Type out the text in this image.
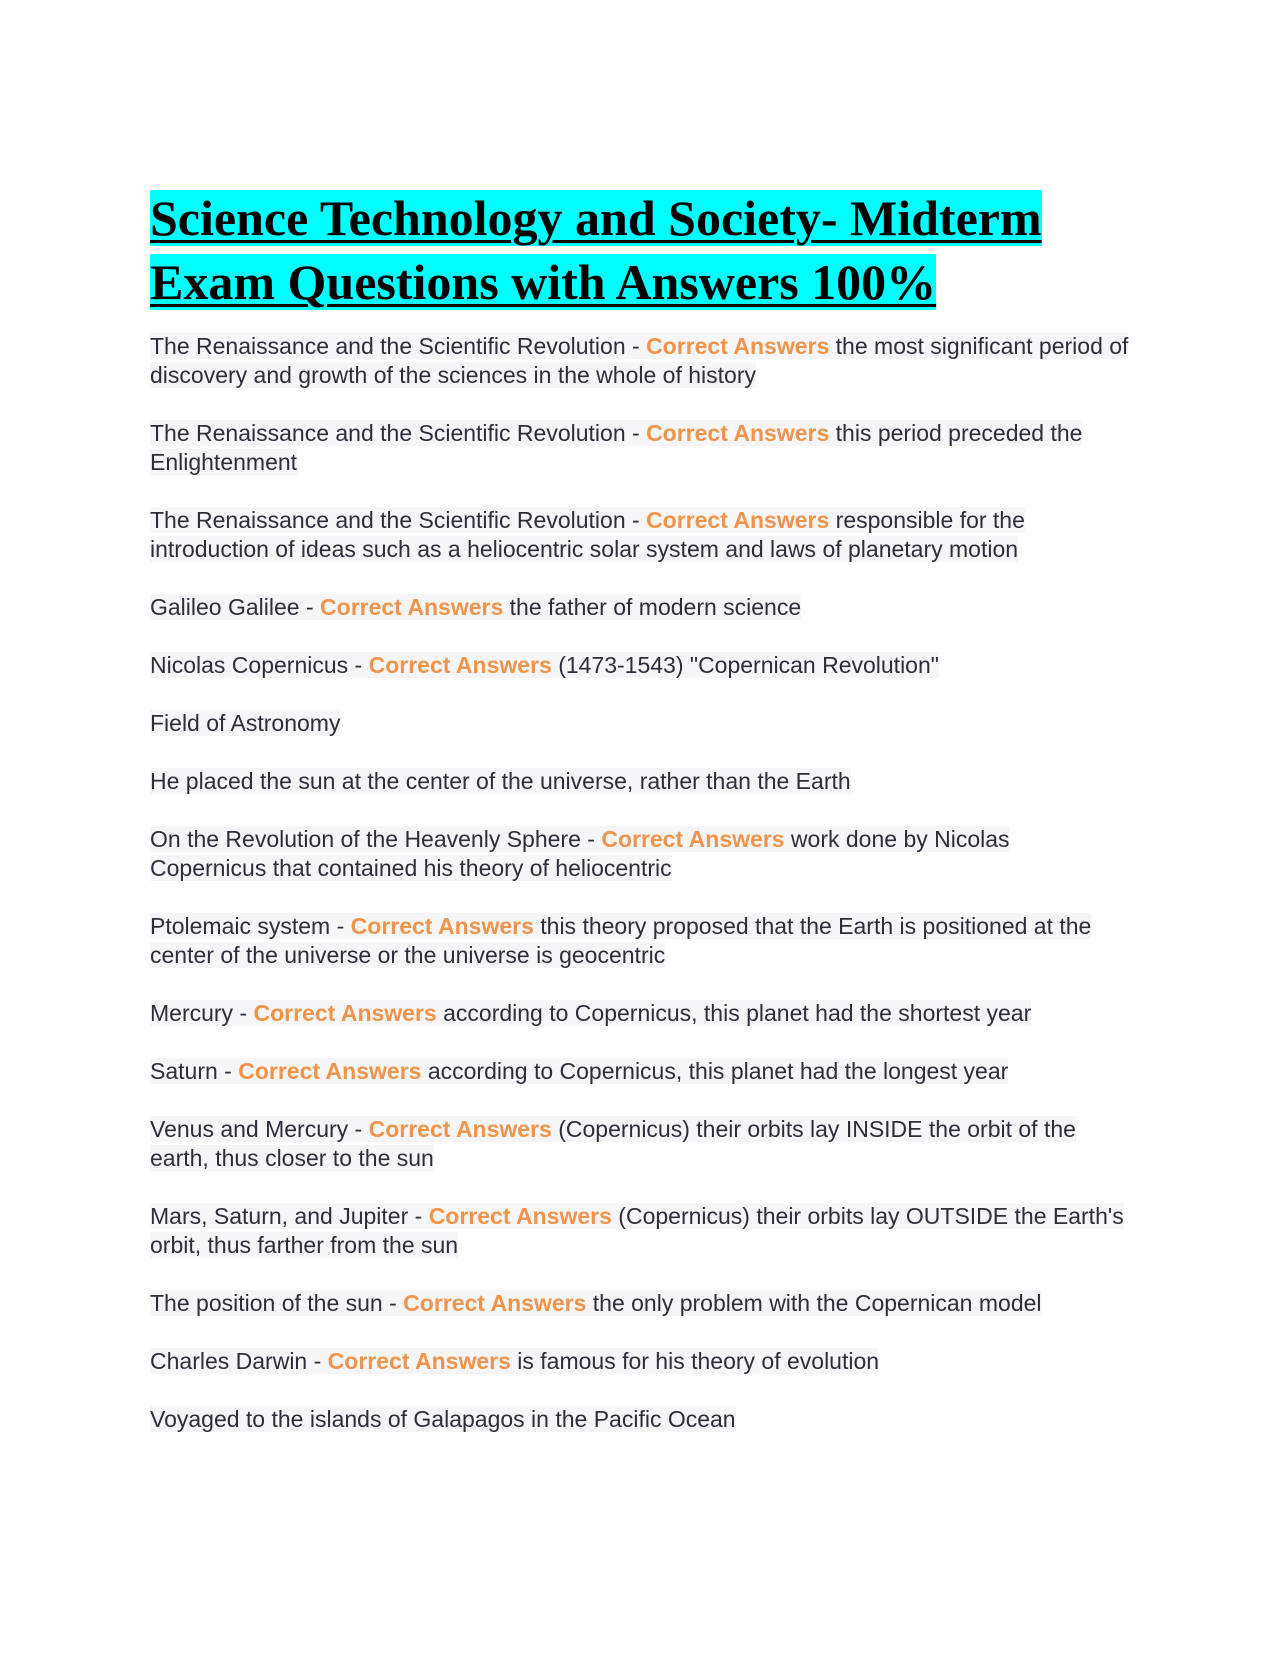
Science Technology and Society- Midterm Exam Questions with Answers 100%

The Renaissance and the Scientific Revolution - Correct Answers the most significant period of discovery and growth of the sciences in the whole of history

The Renaissance and the Scientific Revolution - Correct Answers this period preceded the Enlightenment

The Renaissance and the Scientific Revolution - Correct Answers responsible for the introduction of ideas such as a heliocentric solar system and laws of planetary motion

Galileo Galilee - Correct Answers the father of modern science

Nicolas Copernicus - Correct Answers (1473-1543) "Copernican Revolution"

Field of Astronomy

He placed the sun at the center of the universe, rather than the Earth

On the Revolution of the Heavenly Sphere - Correct Answers work done by Nicolas Copernicus that contained his theory of heliocentric

Ptolemaic system - Correct Answers this theory proposed that the Earth is positioned at the center of the universe or the universe is geocentric

Mercury - Correct Answers according to Copernicus, this planet had the shortest year

Saturn - Correct Answers according to Copernicus, this planet had the longest year

Venus and Mercury - Correct Answers (Copernicus) their orbits lay INSIDE the orbit of the earth, thus closer to the sun

Mars, Saturn, and Jupiter - Correct Answers (Copernicus) their orbits lay OUTSIDE the Earth's orbit, thus farther from the sun

The position of the sun - Correct Answers the only problem with the Copernican model

Charles Darwin - Correct Answers is famous for his theory of evolution

Voyaged to the islands of Galapagos in the Pacific Ocean
